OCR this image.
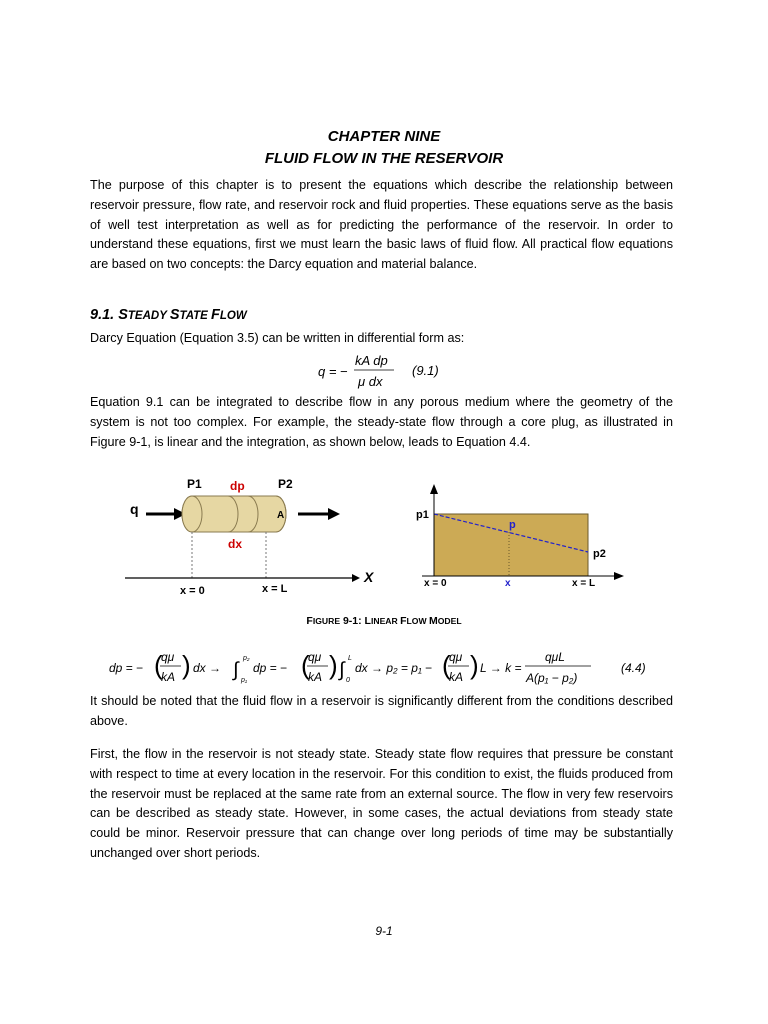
CHAPTER NINE
FLUID FLOW IN THE RESERVOIR
The purpose of this chapter is to present the equations which describe the relationship between reservoir pressure, flow rate, and reservoir rock and fluid properties. These equations serve as the basis of well test interpretation as well as for predicting the performance of the reservoir. In order to understand these equations, first we must learn the basic laws of fluid flow. All practical flow equations are based on two concepts: the Darcy equation and material balance.
9.1. STEADY STATE FLOW
Darcy Equation (Equation 3.5) can be written in differential form as:
q = −
kA dp
μ dx
(9.1)
Equation 9.1 can be integrated to describe flow in any porous medium where the geometry of the system is not too complex. For example, the steady-state flow through a core plug, as illustrated in Figure 9-1, is linear and the integration, as shown below, leads to Equation 4.4.
P1 dp	P2
q	A
dx
X
x = 0	x = L
p1
p
p2
x = 0	x	x = L
FIGURE 9-1: LINEAR FLOW MODEL
dp = − (
qμ
kA ) dx → ∫
p₂
p₁
dp = − (
qμ
kA ) ∫
L
0
dx → p₂ = p₁ − (
qμ
kA ) L → k =
qμL
A(p₁ − p₂)
(4.4)
It should be noted that the fluid flow in a reservoir is significantly different from the conditions described above.
First, the flow in the reservoir is not steady state. Steady state flow requires that pressure be constant with respect to time at every location in the reservoir. For this condition to exist, the fluids produced from the reservoir must be replaced at the same rate from an external source. The flow in very few reservoirs can be described as steady state. However, in some cases, the actual deviations from steady state could be minor. Reservoir pressure that can change over long periods of time may be substantially unchanged over short periods.
9-1
